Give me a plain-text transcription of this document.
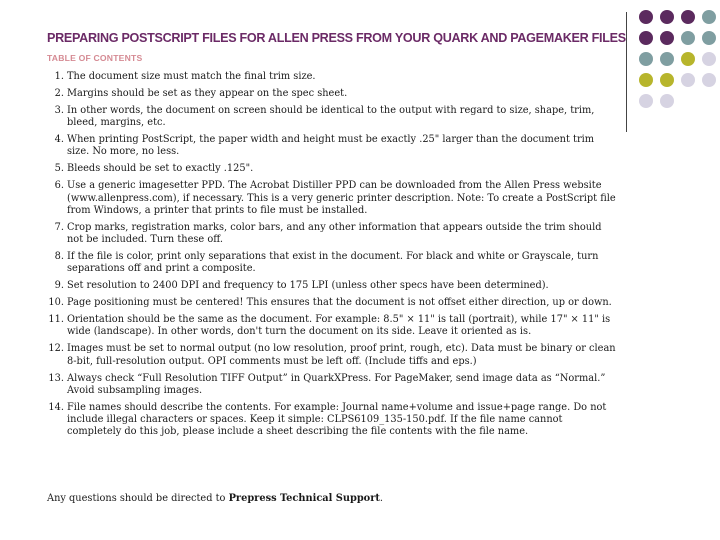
PREPARING POSTSCRIPT FILES FOR ALLEN PRESS FROM YOUR QUARK AND PAGEMAKER FILES
TABLE OF CONTENTS
1. The document size must match the final trim size.
2. Margins should be set as they appear on the spec sheet.
3. In other words, the document on screen should be identical to the output with regard to size, shape, trim, bleed, margins, etc.
4. When printing PostScript, the paper width and height must be exactly .25" larger than the document trim size. No more, no less.
5. Bleeds should be set to exactly .125".
6. Use a generic imagesetter PPD. The Acrobat Distiller PPD can be downloaded from the Allen Press website (www.allenpress.com), if necessary. This is a very generic printer description. Note: To create a PostScript file from Windows, a printer that prints to file must be installed.
7. Crop marks, registration marks, color bars, and any other information that appears outside the trim should not be included. Turn these off.
8. If the file is color, print only separations that exist in the document. For black and white or Grayscale, turn separations off and print a composite.
9. Set resolution to 2400 DPI and frequency to 175 LPI (unless other specs have been determined).
10. Page positioning must be centered! This ensures that the document is not offset either direction, up or down.
11. Orientation should be the same as the document. For example: 8.5" × 11" is tall (portrait), while 17" × 11" is wide (landscape). In other words, don't turn the document on its side. Leave it oriented as is.
12. Images must be set to normal output (no low resolution, proof print, rough, etc). Data must be binary or clean 8-bit, full-resolution output. OPI comments must be left off. (Include tiffs and eps.)
13. Always check “Full Resolution TIFF Output” in QuarkXPress. For PageMaker, send image data as “Normal.” Avoid subsampling images.
14. File names should describe the contents. For example: Journal name+volume and issue+page range. Do not include illegal characters or spaces. Keep it simple: CLPS6109_135-150.pdf. If the file name cannot completely do this job, please include a sheet describing the file contents with the file name.
Any questions should be directed to Prepress Technical Support.
